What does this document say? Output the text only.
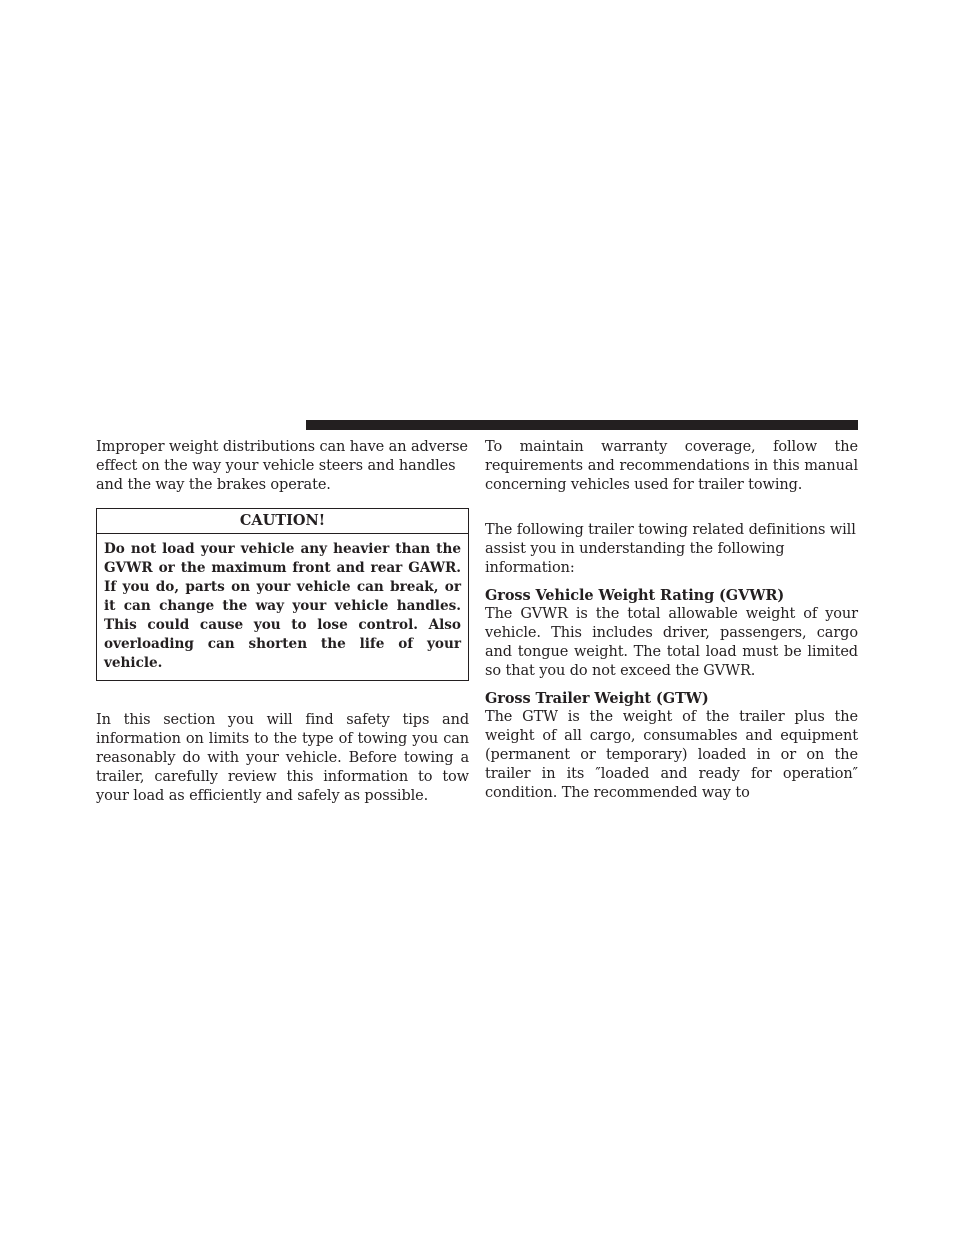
Improper weight distributions can have an adverse effect on the way your vehicle steers and handles and the way the brakes operate.

CAUTION!
Do not load your vehicle any heavier than the GVWR or the maximum front and rear GAWR. If you do, parts on your vehicle can break, or it can change the way your vehicle handles. This could cause you to lose control. Also overloading can shorten the life of your vehicle.

In this section you will find safety tips and information on limits to the type of towing you can reasonably do with your vehicle. Before towing a trailer, carefully review this information to tow your load as efficiently and safely as possible.

To maintain warranty coverage, follow the requirements and recommendations in this manual concerning vehicles used for trailer towing.

The following trailer towing related definitions will assist you in understanding the following information:

Gross Vehicle Weight Rating (GVWR)

The GVWR is the total allowable weight of your vehicle. This includes driver, passengers, cargo and tongue weight. The total load must be limited so that you do not exceed the GVWR.

Gross Trailer Weight (GTW)

The GTW is the weight of the trailer plus the weight of all cargo, consumables and equipment (permanent or temporary) loaded in or on the trailer in its ″loaded and ready for operation″ condition. The recommended way to
